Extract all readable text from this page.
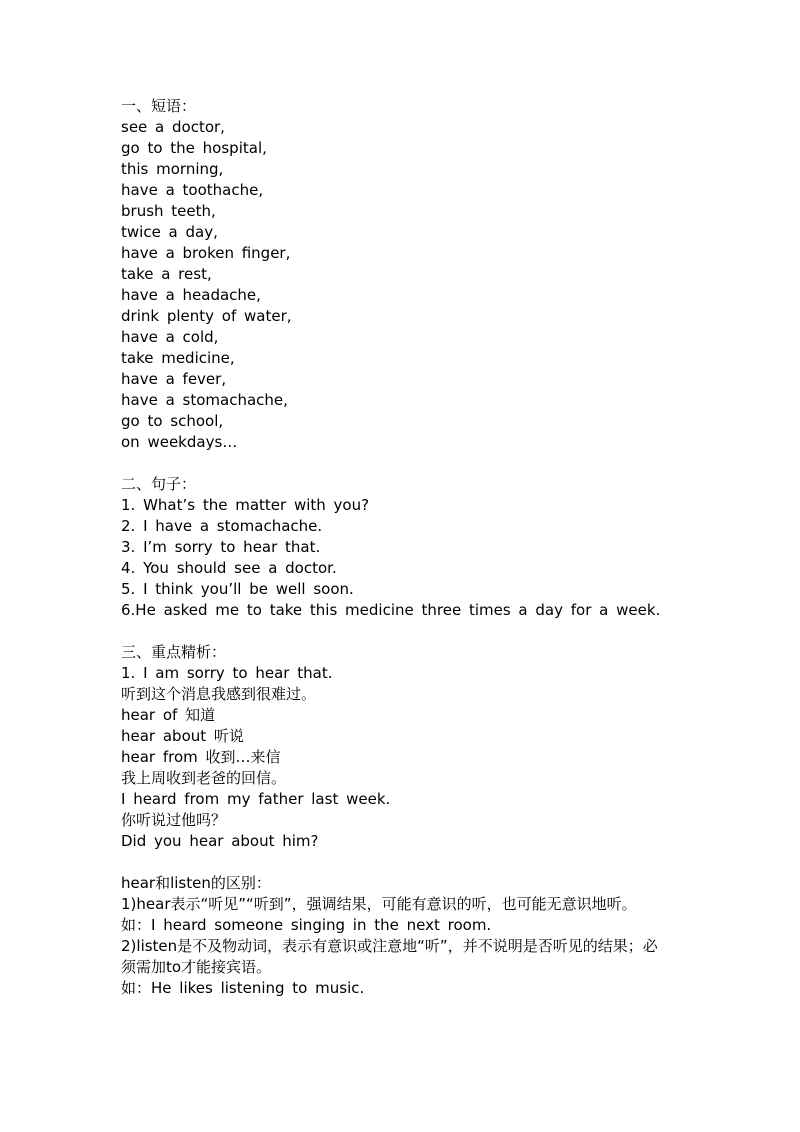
一、短语：
see a doctor,
go to the hospital,
this morning,
have a toothache,
brush teeth,
twice a day,
have a broken finger,
take a rest,
have a headache,
drink plenty of water,
have a cold,
take medicine,
have a fever,
have a stomachache,
go to school,
on weekdays…
二、句子：
1. What’s the matter with you?
2. I have a stomachache.
3. I’m sorry to hear that.
4. You should see a doctor.
5. I think you’ll be well soon.
6.He asked me to take this medicine three times a day for a week.
三、重点精析：
1. I am sorry to hear that.
听到这个消息我感到很难过。
hear of 知道
hear about 听说
hear from 收到…来信
我上周收到老爸的回信。
I heard from my father last week.
你听说过他吗？
Did you hear about him?
hear和listen的区别：
1)hear表示“听见”“听到”，强调结果，可能有意识的听，也可能无意识地听。
如：I heard someone singing in the next room.
2)listen是不及物动词，表示有意识或注意地“听”，并不说明是否听见的结果；必
须需加to才能接宾语。
如：He likes listening to music.
